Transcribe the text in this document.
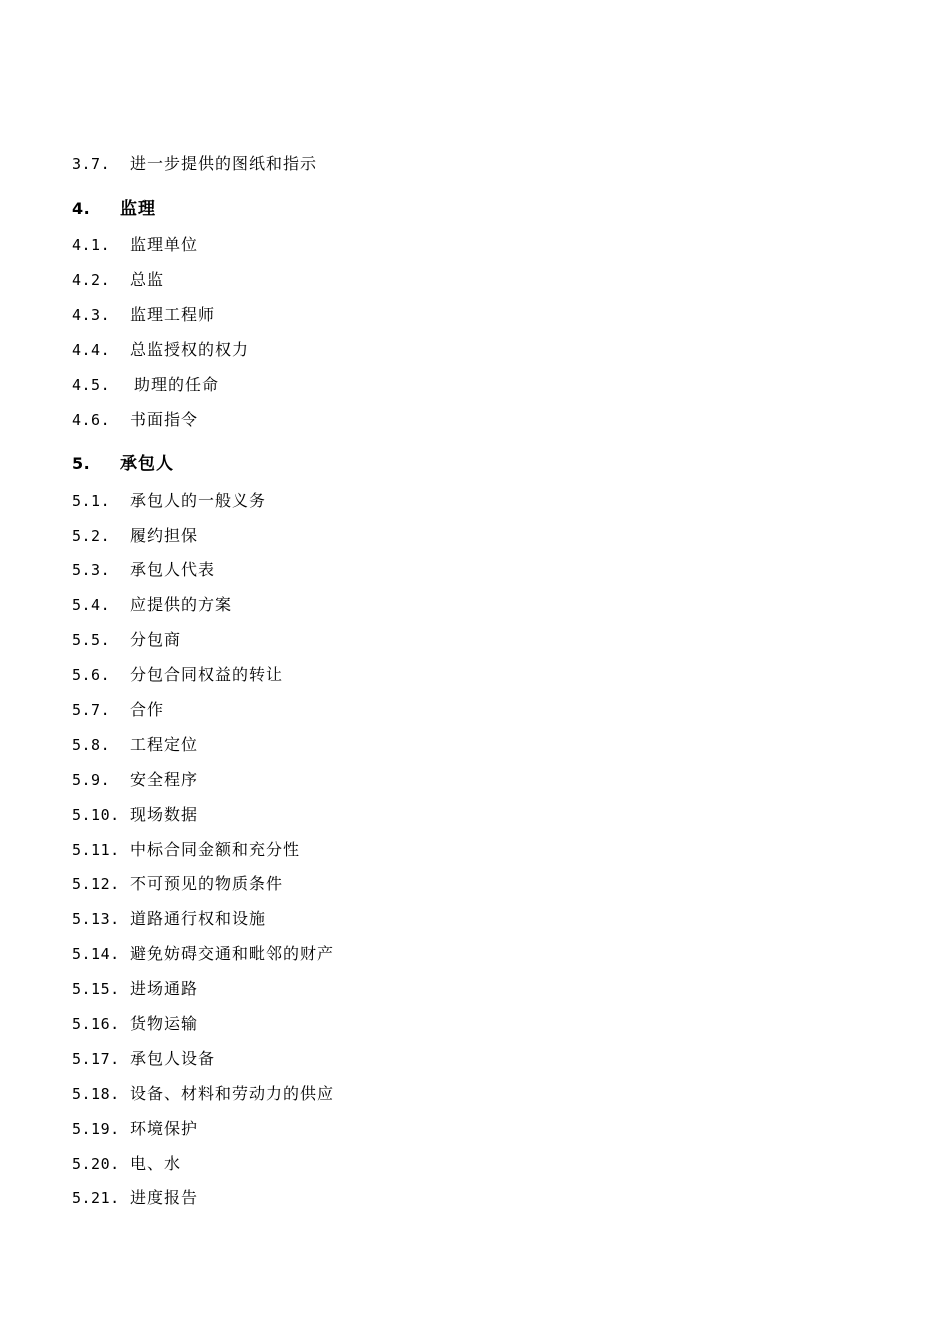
3.7.	进一步提供的图纸和指示
4.	监理
4.1.	监理单位
4.2.	总监
4.3.	监理工程师
4.4.	总监授权的权力
4.5.	助理的任命
4.6.	书面指令
5.	承包人
5.1.	承包人的一般义务
5.2.	履约担保
5.3.	承包人代表
5.4.	应提供的方案
5.5.	分包商
5.6.	分包合同权益的转让
5.7.	合作
5.8.	工程定位
5.9.	安全程序
5.10. 现场数据
5.11. 中标合同金额和充分性
5.12. 不可预见的物质条件
5.13. 道路通行权和设施
5.14. 避免妨碍交通和毗邻的财产
5.15. 进场通路
5.16. 货物运输
5.17. 承包人设备
5.18. 设备、材料和劳动力的供应
5.19. 环境保护
5.20. 电、水
5.21. 进度报告
